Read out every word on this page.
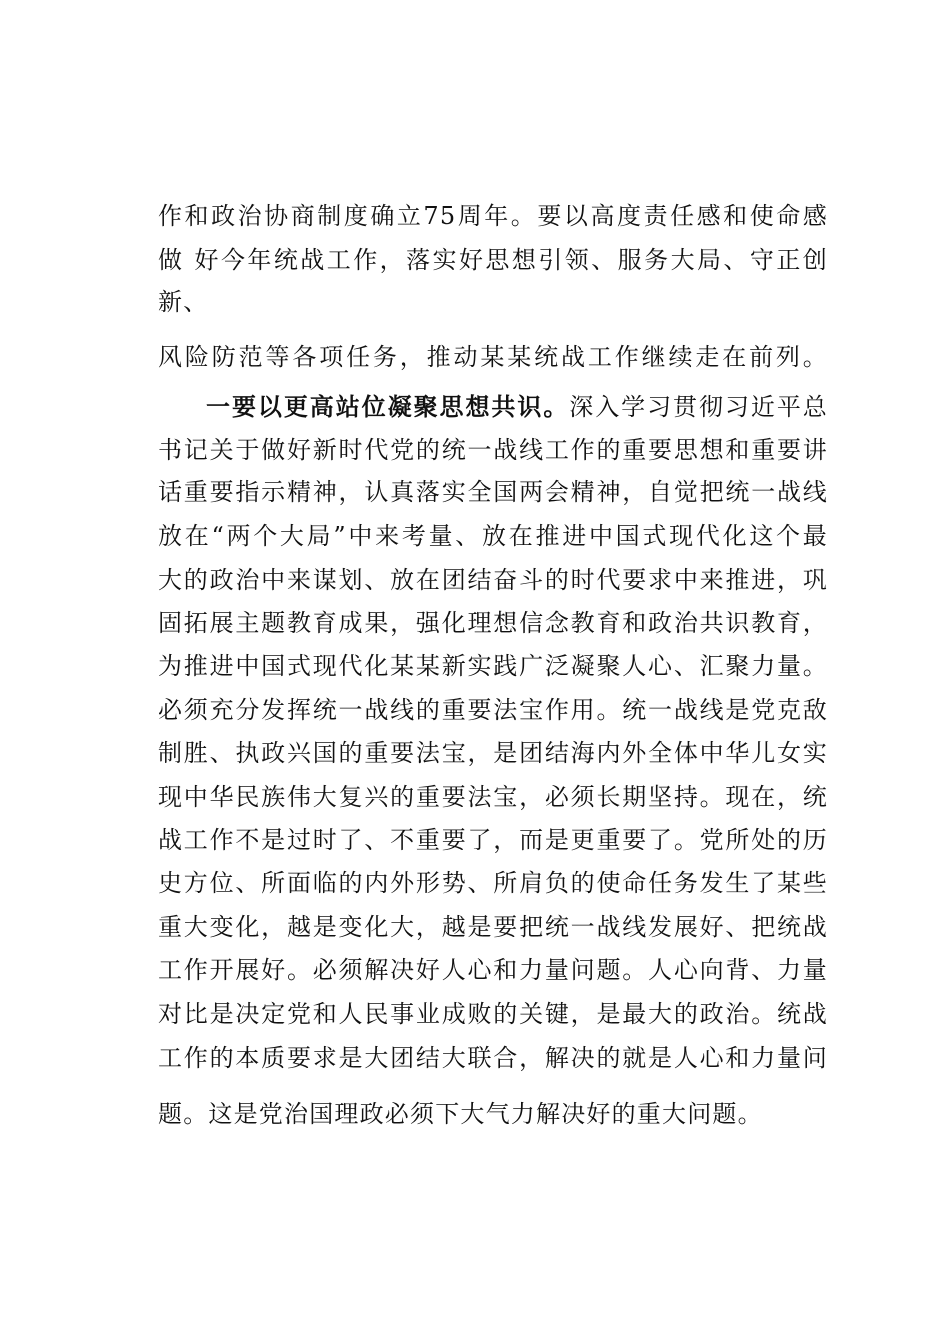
作和政治协商制度确立75周年。要以高度责任感和使命感
做 好今年统战工作，落实好思想引领、服务大局、守正创
新、
风险防范等各项任务，推动某某统战工作继续走在前列。
一要以更高站位凝聚思想共识。深入学习贯彻习近平总
书记关于做好新时代党的统一战线工作的重要思想和重要讲
话重要指示精神，认真落实全国两会精神，自觉把统一战线
放在“两个大局”中来考量、放在推进中国式现代化这个最
大的政治中来谋划、放在团结奋斗的时代要求中来推进，巩
固拓展主题教育成果，强化理想信念教育和政治共识教育，
为推进中国式现代化某某新实践广泛凝聚人心、汇聚力量。
必须充分发挥统一战线的重要法宝作用。统一战线是党克敌
制胜、执政兴国的重要法宝，是团结海内外全体中华儿女实
现中华民族伟大复兴的重要法宝，必须长期坚持。现在，统
战工作不是过时了、不重要了，而是更重要了。党所处的历
史方位、所面临的内外形势、所肩负的使命任务发生了某些
重大变化，越是变化大，越是要把统一战线发展好、把统战
工作开展好。必须解决好人心和力量问题。人心向背、力量
对比是决定党和人民事业成败的关键，是最大的政治。统战
工作的本质要求是大团结大联合，解决的就是人心和力量问
题。这是党治国理政必须下大气力解决好的重大问题。
